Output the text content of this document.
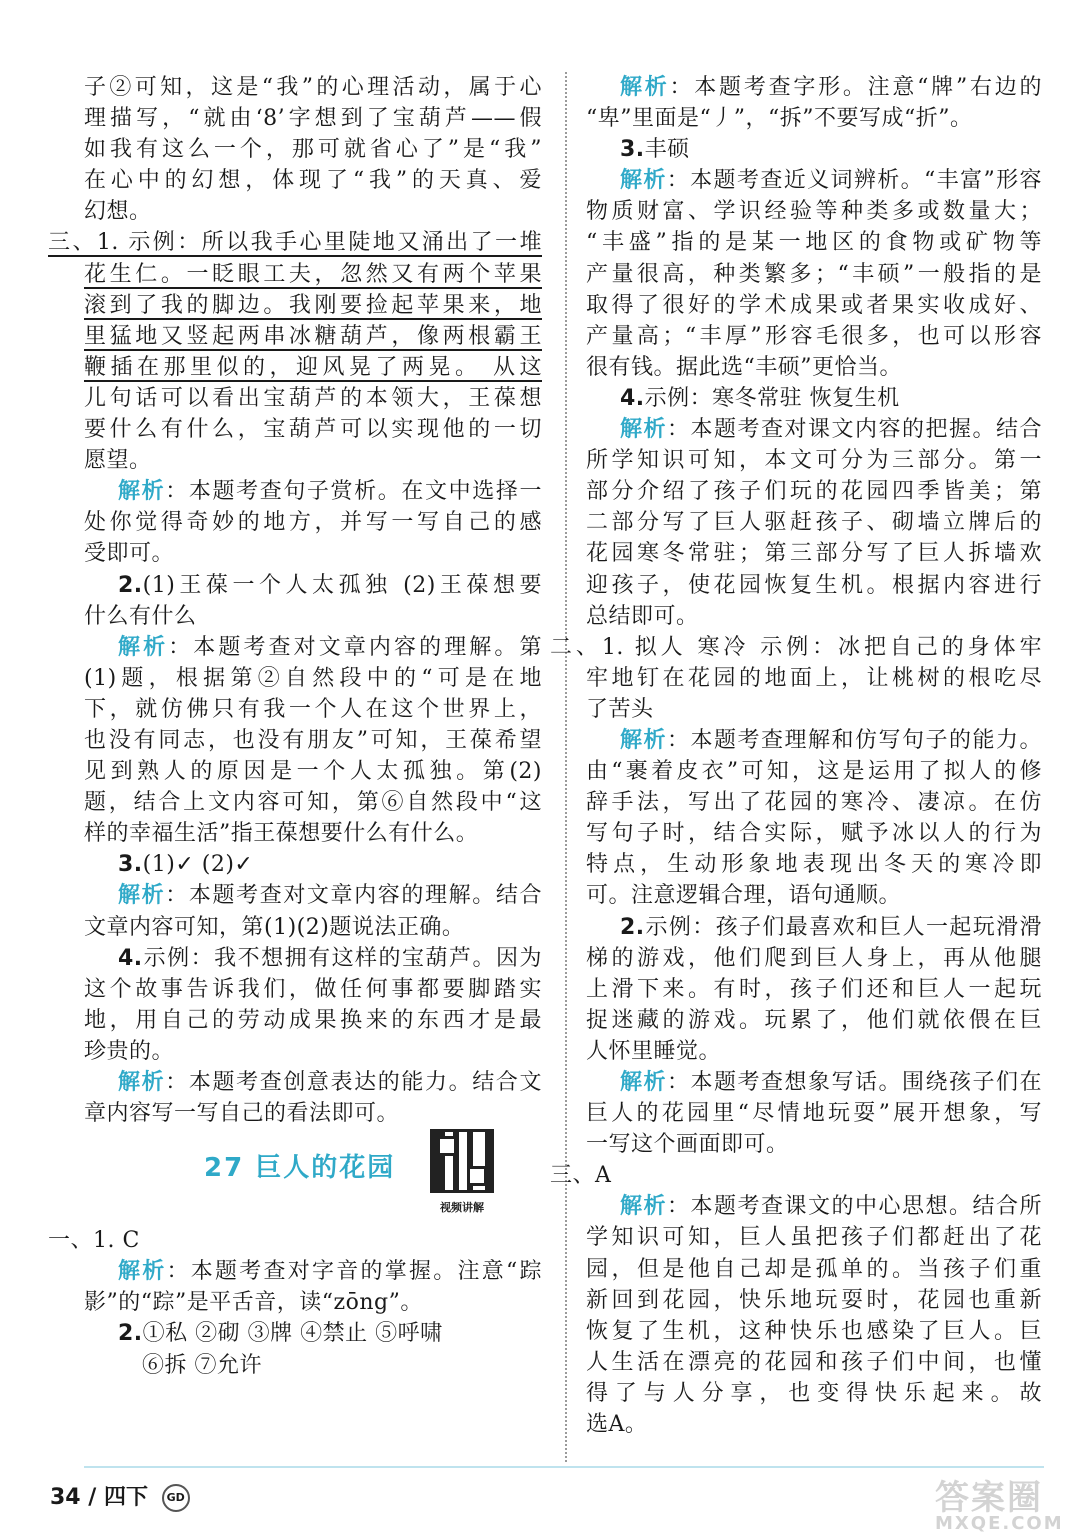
子②可知，这是“我”的心理活动，属于心
理描写，“就由‘8’字想到了宝葫芦——假
如我有这么一个，那可就省心了”是“我”
在心中的幻想，体现了“我”的天真、爱
幻想。
三、1. 示例：所以我手心里陡地又涌出了一堆
花生仁。一眨眼工夫，忽然又有两个苹果
滚到了我的脚边。我刚要捡起苹果来，地
里猛地又竖起两串冰糖葫芦，像两根霸王
鞭插在那里似的，迎风晃了两晃。 从这
儿句话可以看出宝葫芦的本领大，王葆想
要什么有什么，宝葫芦可以实现他的一切
愿望。
解析：本题考查句子赏析。在文中选择一
处你觉得奇妙的地方，并写一写自己的感
受即可。
2.(1)王葆一个人太孤独 (2)王葆想要
什么有什么
解析：本题考查对文章内容的理解。第
(1)题，根据第②自然段中的“可是在地
下，就仿佛只有我一个人在这个世界上，
也没有同志，也没有朋友”可知，王葆希望
见到熟人的原因是一个人太孤独。第(2)
题，结合上文内容可知，第⑥自然段中“这
样的幸福生活”指王葆想要什么有什么。
3.(1)✓ (2)✓
解析：本题考查对文章内容的理解。结合
文章内容可知，第(1)(2)题说法正确。
4.示例：我不想拥有这样的宝葫芦。因为
这个故事告诉我们，做任何事都要脚踏实
地，用自己的劳动成果换来的东西才是最
珍贵的。
解析：本题考查创意表达的能力。结合文
章内容写一写自己的看法即可。
27 巨人的花园
视频讲解
一、1. C
解析：本题考查对字音的掌握。注意“踪
影”的“踪”是平舌音，读“zōng”。
2.①私 ②砌 ③牌 ④禁止 ⑤呼啸
⑥拆 ⑦允许
解析：本题考查字形。注意“牌”右边的
“卑”里面是“丿”，“拆”不要写成“折”。
3.丰硕
解析：本题考查近义词辨析。“丰富”形容
物质财富、学识经验等种类多或数量大；
“丰盛”指的是某一地区的食物或矿物等
产量很高，种类繁多；“丰硕”一般指的是
取得了很好的学术成果或者果实收成好、
产量高；“丰厚”形容毛很多，也可以形容
很有钱。据此选“丰硕”更恰当。
4.示例：寒冬常驻 恢复生机
解析：本题考查对课文内容的把握。结合
所学知识可知，本文可分为三部分。第一
部分介绍了孩子们玩的花园四季皆美；第
二部分写了巨人驱赶孩子、砌墙立牌后的
花园寒冬常驻；第三部分写了巨人拆墙欢
迎孩子，使花园恢复生机。根据内容进行
总结即可。
二、1. 拟人 寒冷 示例：冰把自己的身体牢
牢地钉在花园的地面上，让桃树的根吃尽
了苦头
解析：本题考查理解和仿写句子的能力。
由“裹着皮衣”可知，这是运用了拟人的修
辞手法，写出了花园的寒冷、凄凉。在仿
写句子时，结合实际，赋予冰以人的行为
特点，生动形象地表现出冬天的寒冷即
可。注意逻辑合理，语句通顺。
2.示例：孩子们最喜欢和巨人一起玩滑滑
梯的游戏，他们爬到巨人身上，再从他腿
上滑下来。有时，孩子们还和巨人一起玩
捉迷藏的游戏。玩累了，他们就依偎在巨
人怀里睡觉。
解析：本题考查想象写话。围绕孩子们在
巨人的花园里“尽情地玩耍”展开想象，写
一写这个画面即可。
三、A
解析：本题考查课文的中心思想。结合所
学知识可知，巨人虽把孩子们都赶出了花
园，但是他自己却是孤单的。当孩子们重
新回到花园，快乐地玩耍时，花园也重新
恢复了生机，这种快乐也感染了巨人。巨
人生活在漂亮的花园和孩子们中间，也懂
得了与人分享，也变得快乐起来。故
选A。
34 / 四下 GD	答案圈
MXQE.COM
